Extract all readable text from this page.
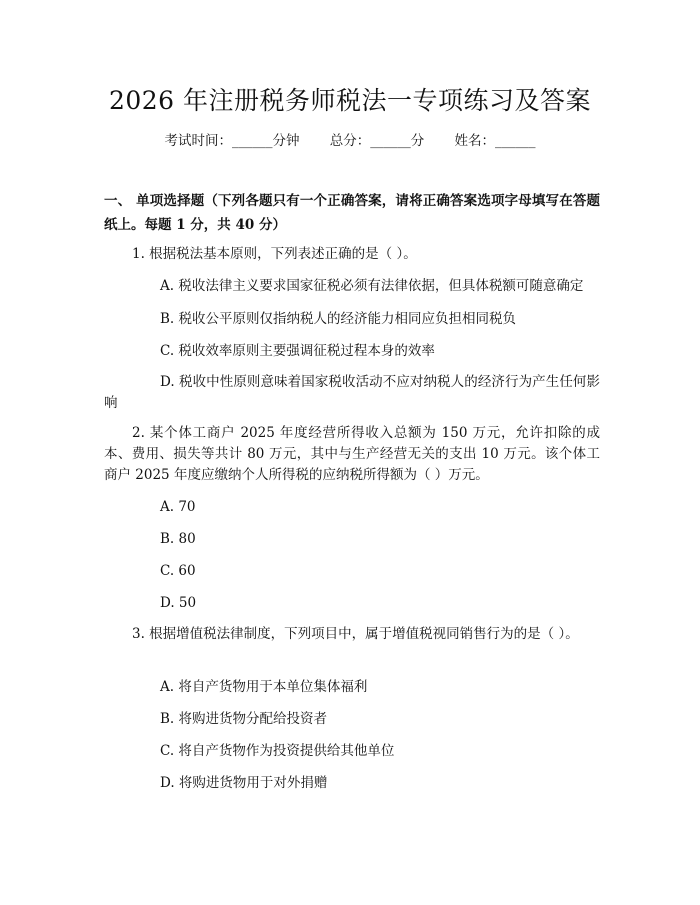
2026 年注册税务师税法一专项练习及答案
考试时间：______分钟 总分：______分 姓名：______
一、 单项选择题（下列各题只有一个正确答案，请将正确答案选项字母填写在答题纸上。每题 1 分，共 40 分）
1. 根据税法基本原则，下列表述正确的是（ ）。
A. 税收法律主义要求国家征税必须有法律依据，但具体税额可随意确定
B. 税收公平原则仅指纳税人的经济能力相同应负担相同税负
C. 税收效率原则主要强调征税过程本身的效率
D. 税收中性原则意味着国家税收活动不应对纳税人的经济行为产生任何影响
2. 某个体工商户 2025 年度经营所得收入总额为 150 万元，允许扣除的成本、费用、损失等共计 80 万元，其中与生产经营无关的支出 10 万元。该个体工商户 2025 年度应缴纳个人所得税的应纳税所得额为（ ）万元。
A. 70
B. 80
C. 60
D. 50
3. 根据增值税法律制度，下列项目中，属于增值税视同销售行为的是（ ）。
A. 将自产货物用于本单位集体福利
B. 将购进货物分配给投资者
C. 将自产货物作为投资提供给其他单位
D. 将购进货物用于对外捐赠
